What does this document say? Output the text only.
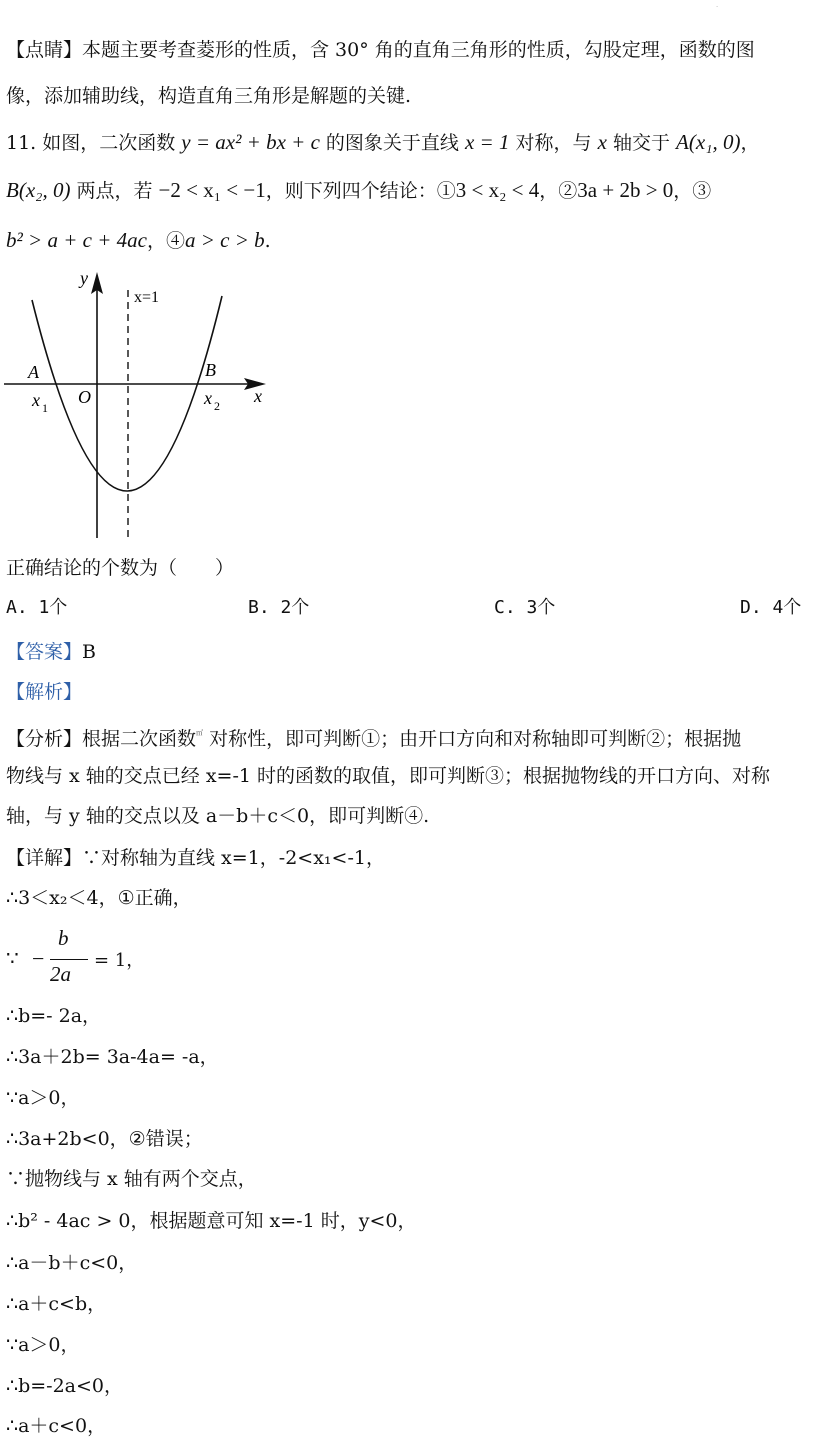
·
【点睛】本题主要考查菱形的性质，含 30° 角的直角三角形的性质，勾股定理，函数的图
像，添加辅助线，构造直角三角形是解题的关键.
11. 如图，二次函数 y = ax² + bx + c 的图象关于直线 x = 1 对称，与 x 轴交于 A(x₁, 0)，
B(x₂, 0) 两点，若 −2 < x₁ < −1，则下列四个结论：①3 < x₂ < 4，②3a + 2b > 0，③
b² > a + c + 4ac，④a > c > b.
y
x
x=1
A	B
O
x 1	x 2
正确结论的个数为（　　）
A. 1个	B. 2个	C. 3个	D. 4个
【答案】B
【解析】
【分析】根据二次函数㎡ 对称性，即可判断①；由开口方向和对称轴即可判断②；根据抛
物线与 x 轴的交点已经 x=-1 时的函数的取值，即可判断③；根据抛物线的开口方向、对称
轴，与 y 轴的交点以及 a－b＋c＜0，即可判断④.
【详解】∵对称轴为直线 x=1，-2<x₁<-1，
∴3＜x₂＜4，①正确，
∵ −
b
2a
= 1，
∴b=- 2a，
∴3a＋2b= 3a-4a= -a，
∵a＞0，
∴3a+2b<0，②错误；
∵抛物线与 x 轴有两个交点，
∴b² - 4ac > 0，根据题意可知 x=-1 时，y<0，
∴a－b＋c<0，
∴a＋c<b，
∵a＞0，
∴b=-2a<0，
∴a＋c<0，
